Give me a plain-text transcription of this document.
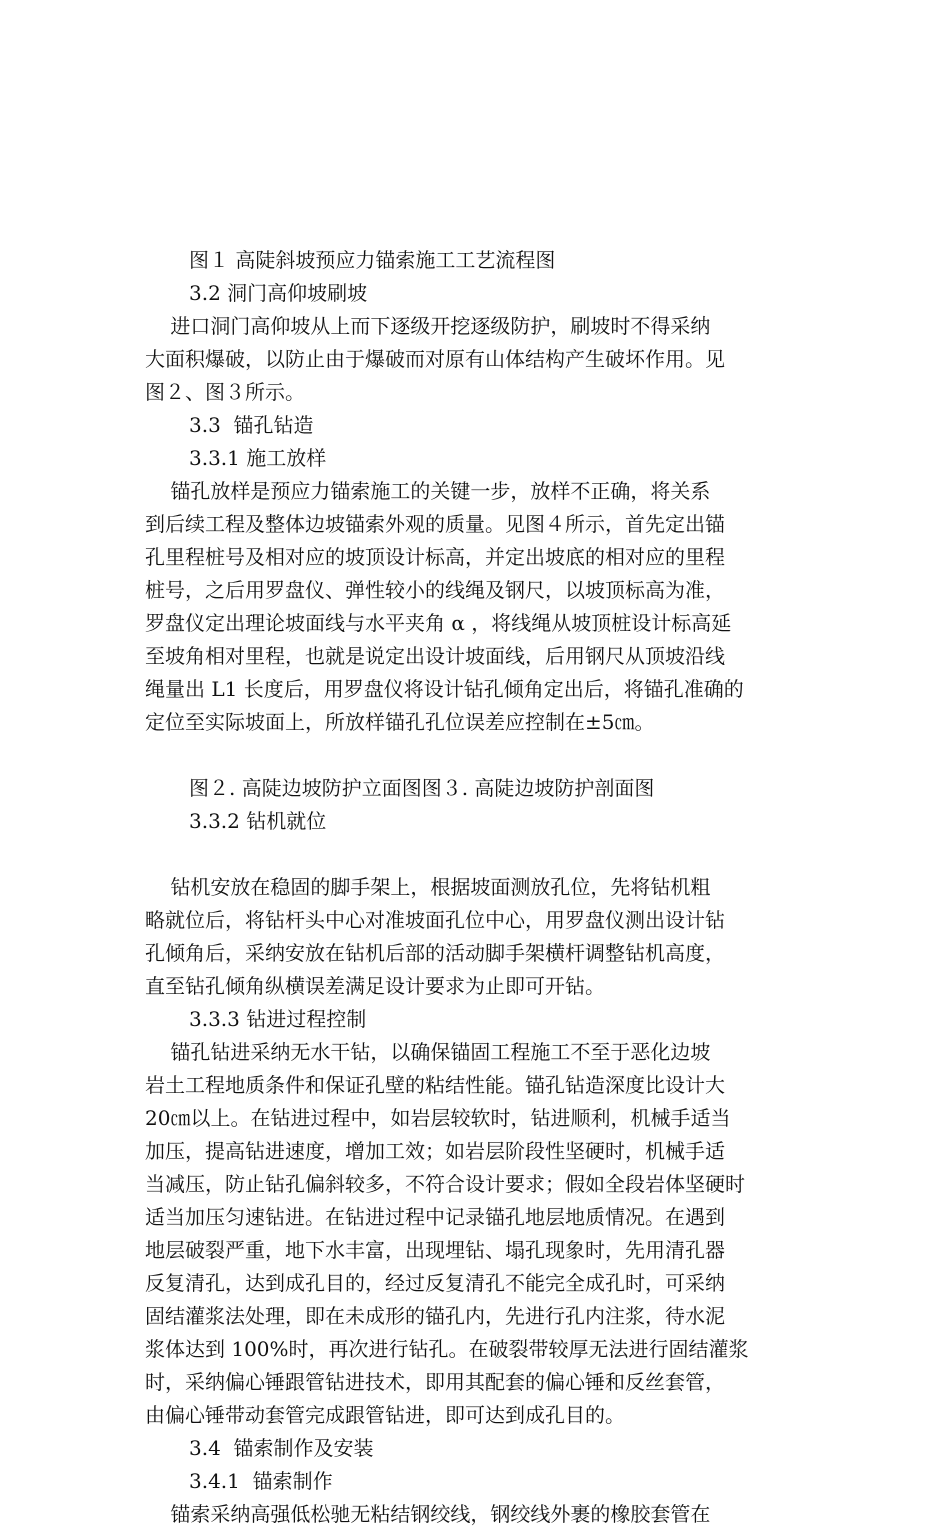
图１ 高陡斜坡预应力锚索施工工艺流程图
3.2 洞门高仰坡刷坡
进口洞门高仰坡从上而下逐级开挖逐级防护，刷坡时不得采纳
大面积爆破，以防止由于爆破而对原有山体结构产生破坏作用。见
图２、图３所示。
3.3  锚孔钻造
3.3.1 施工放样
锚孔放样是预应力锚索施工的关键一步，放样不正确，将关系
到后续工程及整体边坡锚索外观的质量。见图４所示，首先定出锚
孔里程桩号及相对应的坡顶设计标高，并定出坡底的相对应的里程
桩号，之后用罗盘仪、弹性较小的线绳及钢尺，以坡顶标高为准，
罗盘仪定出理论坡面线与水平夹角 α ，将线绳从坡顶桩设计标高延
至坡角相对里程，也就是说定出设计坡面线，后用钢尺从顶坡沿线
绳量出 L1 长度后，用罗盘仪将设计钻孔倾角定出后，将锚孔准确的
定位至实际坡面上，所放样锚孔孔位误差应控制在±5㎝。
图２. 高陡边坡防护立面图图３. 高陡边坡防护剖面图
3.3.2 钻机就位
钻机安放在稳固的脚手架上，根据坡面测放孔位，先将钻机粗
略就位后，将钻杆头中心对准坡面孔位中心，用罗盘仪测出设计钻
孔倾角后，采纳安放在钻机后部的活动脚手架横杆调整钻机高度，
直至钻孔倾角纵横误差满足设计要求为止即可开钻。
3.3.3 钻进过程控制
锚孔钻进采纳无水干钻，以确保锚固工程施工不至于恶化边坡
岩土工程地质条件和保证孔壁的粘结性能。锚孔钻造深度比设计大
20㎝以上。在钻进过程中，如岩层较软时，钻进顺利，机械手适当
加压，提高钻进速度，增加工效；如岩层阶段性坚硬时，机械手适
当减压，防止钻孔偏斜较多，不符合设计要求；假如全段岩体坚硬时
适当加压匀速钻进。在钻进过程中记录锚孔地层地质情况。在遇到
地层破裂严重，地下水丰富，出现埋钻、塌孔现象时，先用清孔器
反复清孔，达到成孔目的，经过反复清孔不能完全成孔时，可采纳
固结灌浆法处理，即在未成形的锚孔内，先进行孔内注浆，待水泥
浆体达到 100%时，再次进行钻孔。在破裂带较厚无法进行固结灌浆
时，采纳偏心锤跟管钻进技术，即用其配套的偏心锤和反丝套管，
由偏心锤带动套管完成跟管钻进，即可达到成孔目的。
3.4  锚索制作及安装
3.4.1  锚索制作
锚索采纳高强低松驰无粘结钢绞线，钢绞线外裹的橡胶套管在
